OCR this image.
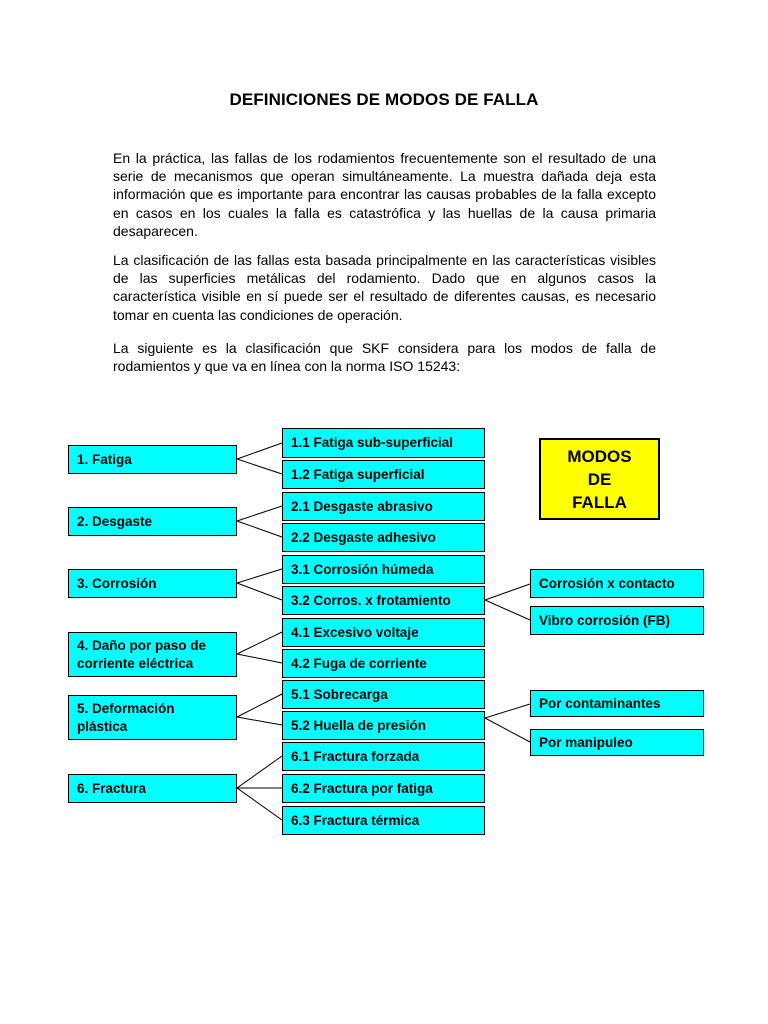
DEFINICIONES DE MODOS DE FALLA

En la práctica, las fallas de los rodamientos frecuentemente son el resultado de una serie de mecanismos que operan simultáneamente. La muestra dañada deja esta información que es importante para encontrar las causas probables de la falla excepto en casos en los cuales la falla es catastrófica y las huellas de la causa primaria desaparecen.

La clasificación de las fallas esta basada principalmente en las características visibles de las superficies metálicas del rodamiento. Dado que en algunos casos la característica visible en sí puede ser el resultado de diferentes causas, es necesario tomar en cuenta las condiciones de operación.

La siguiente es la clasificación que SKF considera para los modos de falla de rodamientos y que va en línea con la norma ISO 15243:

1. Fatiga
2. Desgaste
3. Corrosión
4. Daño por paso de corriente eléctrica
5. Deformación plástica
6. Fractura
1.1 Fatiga sub-superficial
1.2 Fatiga superficial
2.1 Desgaste abrasivo
2.2 Desgaste adhesivo
3.1 Corrosión húmeda
3.2 Corros. x frotamiento
4.1 Excesivo voltaje
4.2 Fuga de corriente
5.1 Sobrecarga
5.2 Huella de presión
6.1 Fractura forzada
6.2 Fractura por fatiga
6.3 Fractura térmica
Corrosión x contacto
Vibro corrosión (FB)
Por contaminantes
Por manipuleo
MODOS
DE
FALLA
